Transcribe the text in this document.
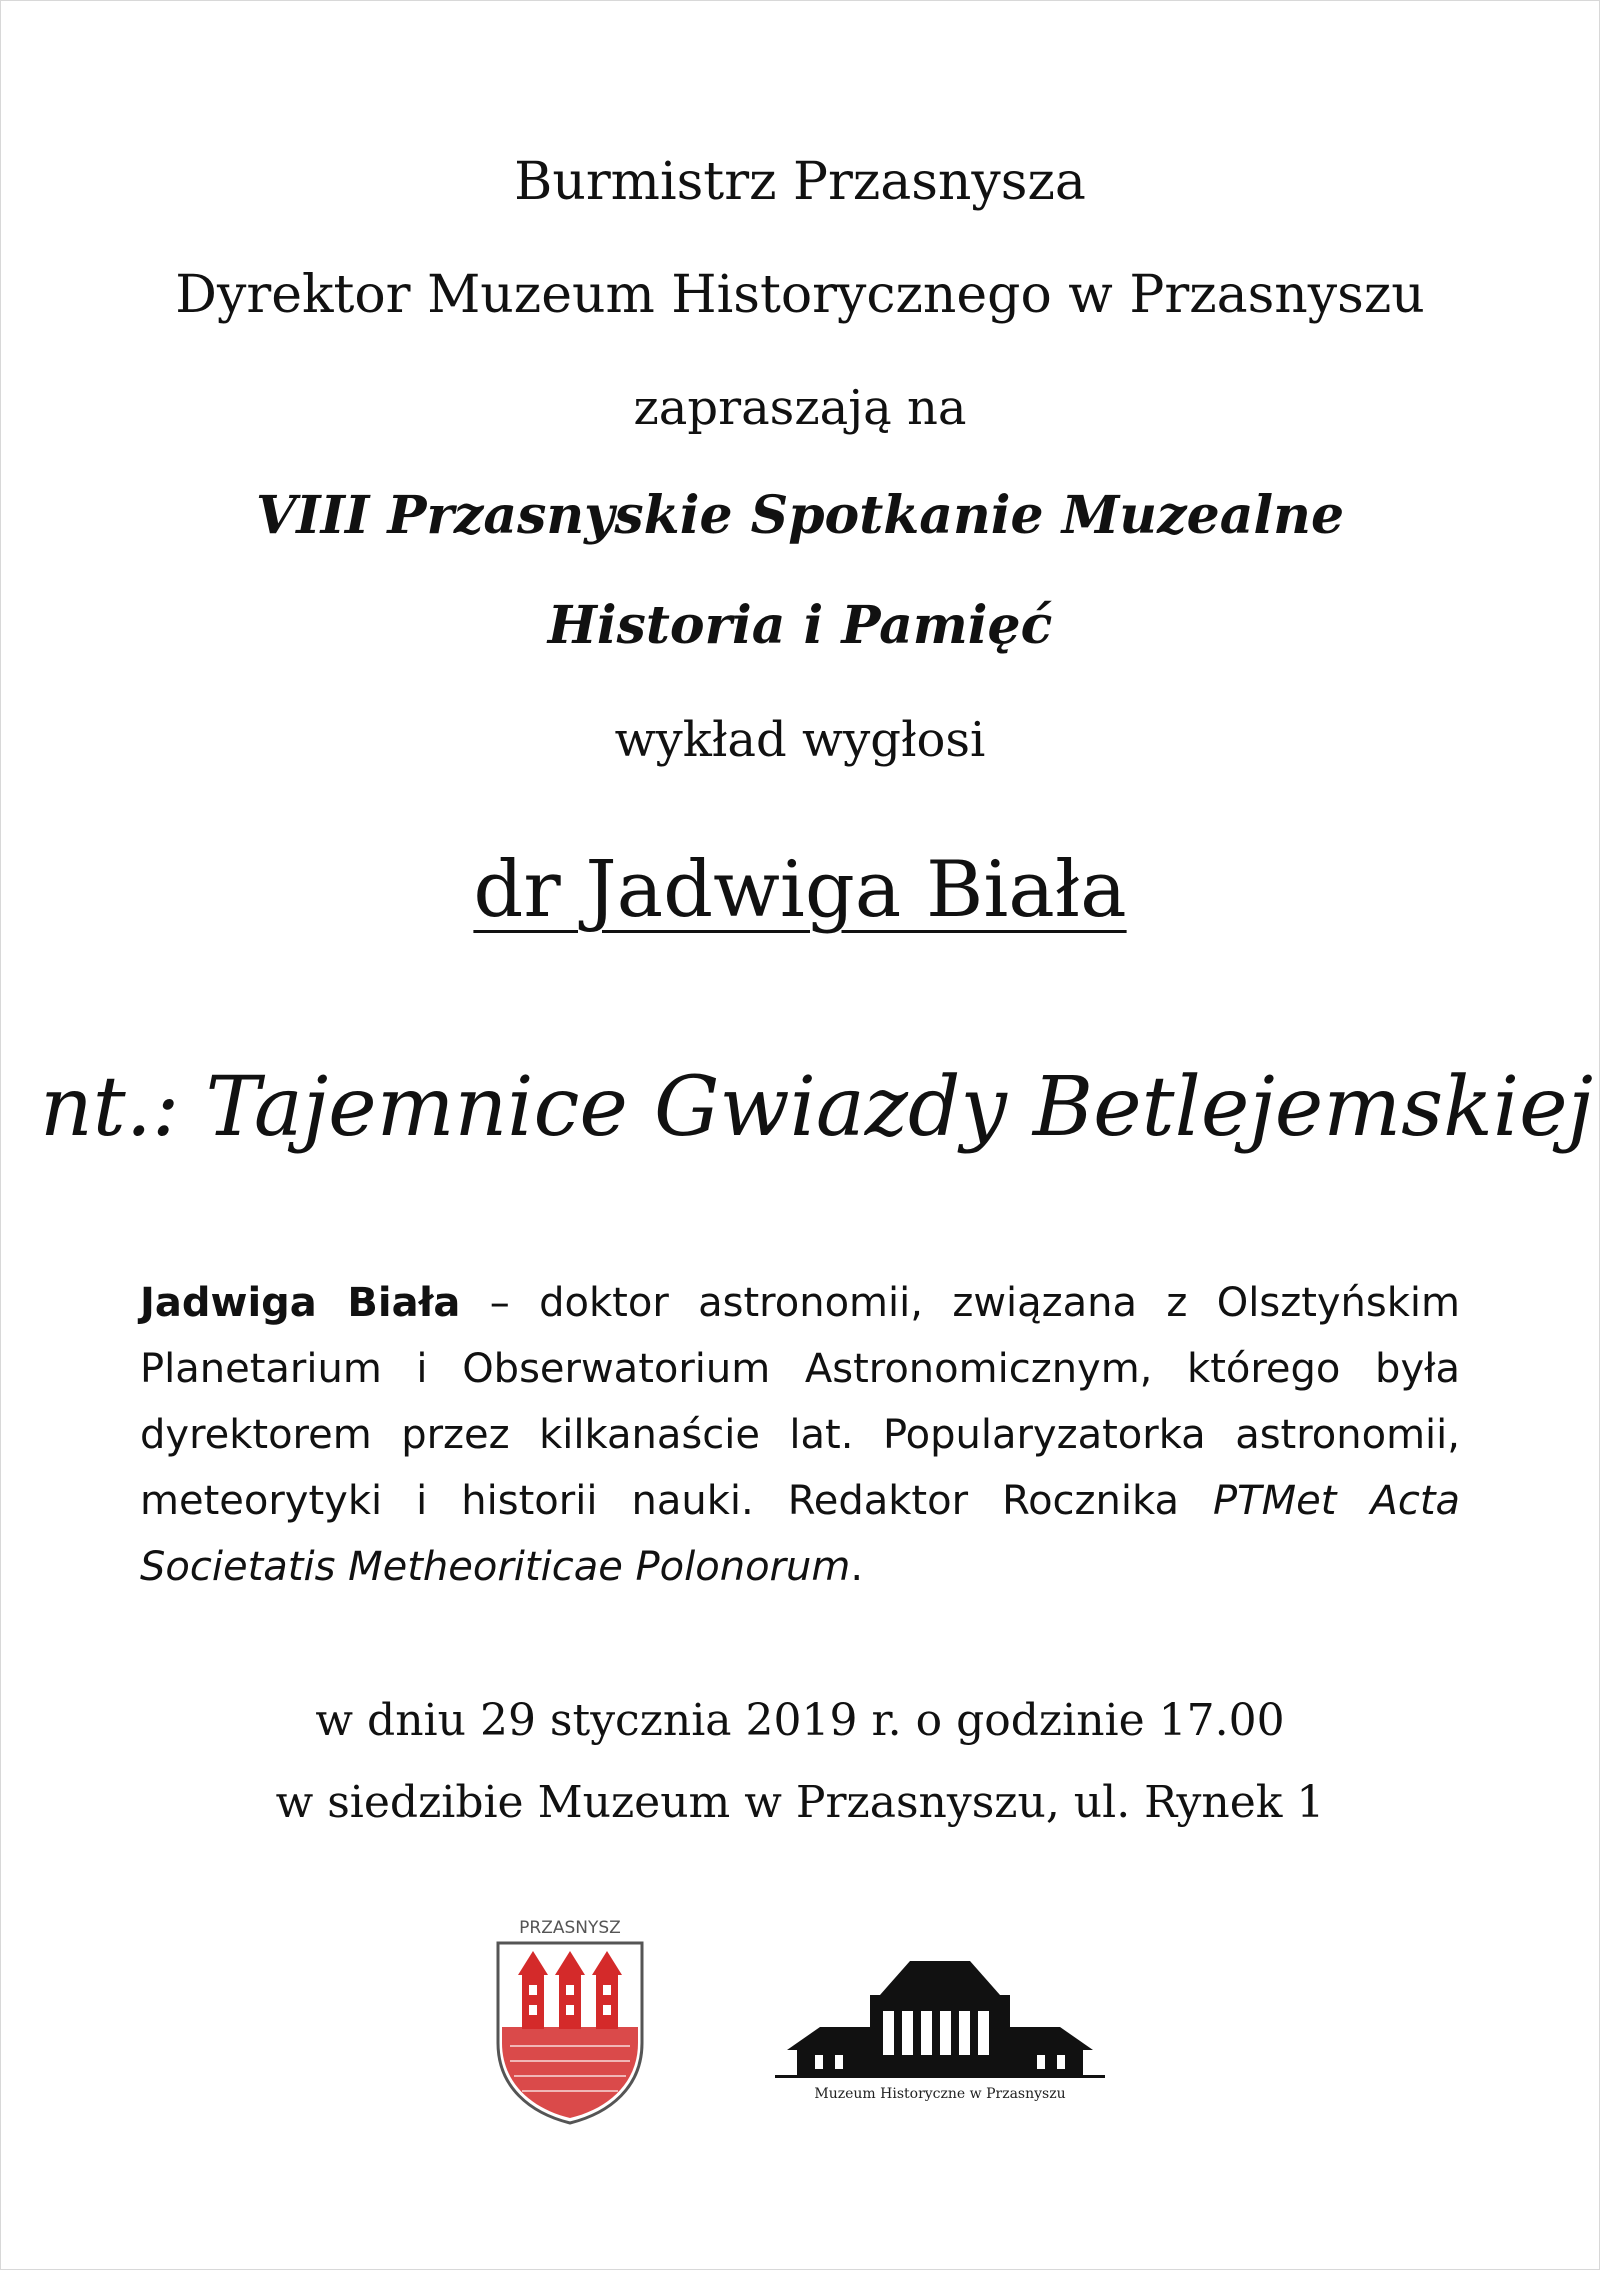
Burmistrz Przasnysza
Dyrektor Muzeum Historycznego w Przasnyszu
zapraszają na
VIII Przasnyskie Spotkanie Muzealne
Historia i Pamięć
wykład wygłosi
dr Jadwiga Biała
nt.: Tajemnice Gwiazdy Betlejemskiej
Jadwiga Biała – doktor astronomii, związana z Olsztyńskim Planetarium i Obserwatorium Astronomicznym, którego była dyrektorem przez kilkanaście lat. Popularyzatorka astronomii, meteorytyki i historii nauki. Redaktor Rocznika PTMet Acta Societatis Metheoriticae Polonorum.
w dniu 29 stycznia 2019 r. o godzinie 17.00
w siedzibie Muzeum w Przasnyszu, ul. Rynek 1
PRZASNYSZ
Muzeum Historyczne w Przasnyszu
